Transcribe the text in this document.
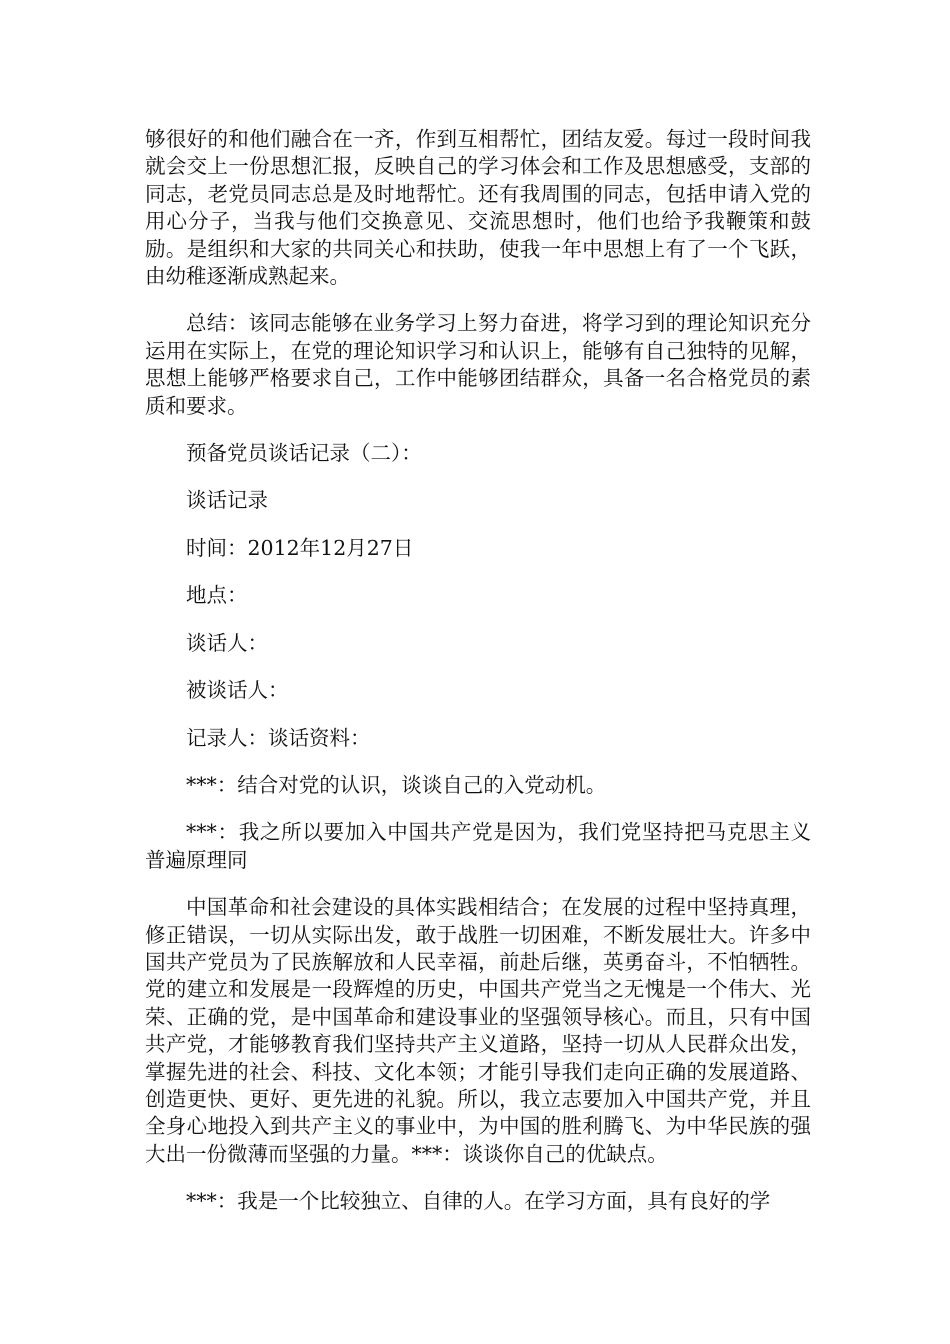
够很好的和他们融合在一齐，作到互相帮忙，团结友爱。每过一段时间我就会交上一份思想汇报，反映自己的学习体会和工作及思想感受，支部的同志，老党员同志总是及时地帮忙。还有我周围的同志，包括申请入党的用心分子，当我与他们交换意见、交流思想时，他们也给予我鞭策和鼓励。是组织和大家的共同关心和扶助，使我一年中思想上有了一个飞跃，由幼稚逐渐成熟起来。

总结：该同志能够在业务学习上努力奋进，将学习到的理论知识充分运用在实际上，在党的理论知识学习和认识上，能够有自己独特的见解，思想上能够严格要求自己，工作中能够团结群众，具备一名合格党员的素质和要求。

预备党员谈话记录（二）：

谈话记录

时间：2012年12月27日

地点：

谈话人：

被谈话人：

记录人：谈话资料：

***：结合对党的认识，谈谈自己的入党动机。

***：我之所以要加入中国共产党是因为，我们党坚持把马克思主义普遍原理同

中国革命和社会建设的具体实践相结合；在发展的过程中坚持真理，修正错误，一切从实际出发，敢于战胜一切困难，不断发展壮大。许多中国共产党员为了民族解放和人民幸福，前赴后继，英勇奋斗，不怕牺牲。党的建立和发展是一段辉煌的历史，中国共产党当之无愧是一个伟大、光荣、正确的党，是中国革命和建设事业的坚强领导核心。而且，只有中国共产党，才能够教育我们坚持共产主义道路，坚持一切从人民群众出发，掌握先进的社会、科技、文化本领；才能引导我们走向正确的发展道路、创造更快、更好、更先进的礼貌。所以，我立志要加入中国共产党，并且全身心地投入到共产主义的事业中，为中国的胜利腾飞、为中华民族的强大出一份微薄而坚强的力量。***：谈谈你自己的优缺点。

***：我是一个比较独立、自律的人。在学习方面，具有良好的学
